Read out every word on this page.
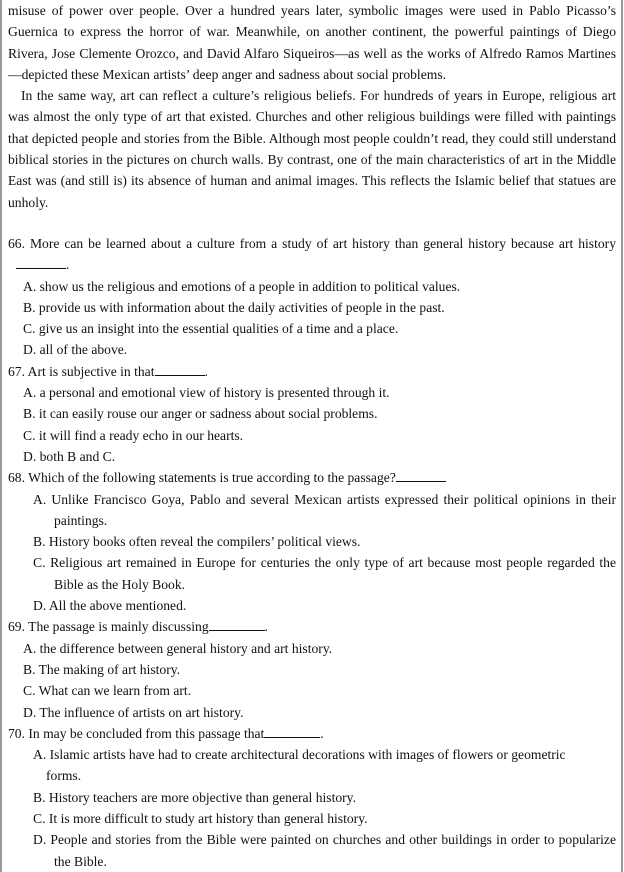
misuse of power over people. Over a hundred years later, symbolic images were used in Pablo Picasso’s Guernica to express the horror of war. Meanwhile, on another continent, the powerful paintings of Diego Rivera, Jose Clemente Orozco, and David Alfaro Siqueiros—as well as the works of Alfredo Ramos Martines—depicted these Mexican artists’ deep anger and sadness about social problems.

In the same way, art can reflect a culture’s religious beliefs. For hundreds of years in Europe, religious art was almost the only type of art that existed. Churches and other religious buildings were filled with paintings that depicted people and stories from the Bible. Although most people couldn’t read, they could still understand biblical stories in the pictures on church walls. By contrast, one of the main characteristics of art in the Middle East was (and still is) its absence of human and animal images. This reflects the Islamic belief that statues are unholy.

66. More can be learned about a culture from a study of art history than general history because art history.

A. show us the religious and emotions of a people in addition to political values.

B. provide us with information about the daily activities of people in the past.

C. give us an insight into the essential qualities of a time and a place.

D. all of the above.

67. Art is subjective in that	.

A. a personal and emotional view of history is presented through it.

B. it can easily rouse our anger or sadness about social problems.

C. it will find a ready echo in our hearts.

D. both B and C.

68. Which of the following statements is true according to the passage?

A. Unlike Francisco Goya, Pablo and several Mexican artists expressed their political opinions in their paintings.

B. History books often reveal the compilers’ political views.

C. Religious art remained in Europe for centuries the only type of art because most people regarded the Bible as the Holy Book.

D. All the above mentioned.

69. The passage is mainly discussing	.

A. the difference between general history and art history.

B. The making of art history.

C. What can we learn from art.

D. The influence of artists on art history.

70. In may be concluded from this passage that	.

A. Islamic artists have had to create architectural decorations with images of flowers or geometric forms.

B. History teachers are more objective than general history.

C. It is more difficult to study art history than general history.

D. People and stories from the Bible were painted on churches and other buildings in order to popularize the Bible.
